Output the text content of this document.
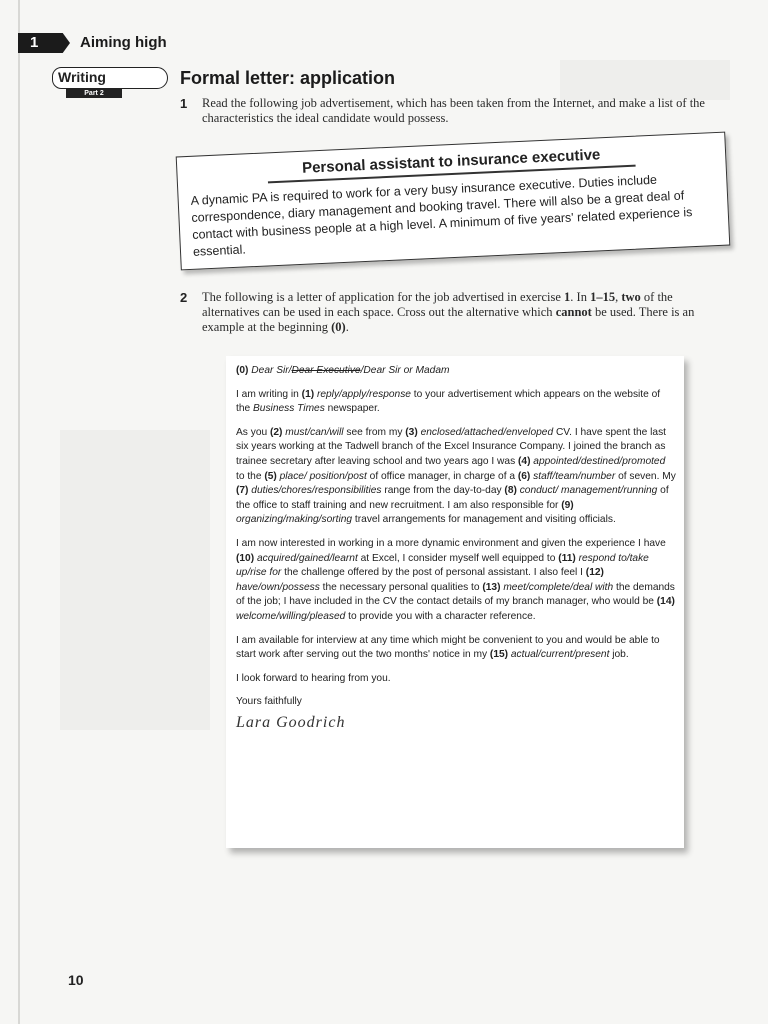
1	Aiming high
Writing
Part 2
Formal letter: application
1 Read the following job advertisement, which has been taken from the Internet, and make a list of the characteristics the ideal candidate would possess.
Personal assistant to insurance executive
A dynamic PA is required to work for a very busy insurance executive. Duties include correspondence, diary management and booking travel. There will also be a great deal of contact with business people at a high level. A minimum of five years' related experience is essential.
2 The following is a letter of application for the job advertised in exercise 1. In 1–15, two of the alternatives can be used in each space. Cross out the alternative which cannot be used. There is an example at the beginning (0).

(0) Dear Sir/Dear Executive/Dear Sir or Madam

I am writing in (1) reply/apply/response to your advertisement which appears on the website of the Business Times newspaper.

As you (2) must/can/will see from my (3) enclosed/attached/enveloped CV. I have spent the last six years working at the Tadwell branch of the Excel Insurance Company. I joined the branch as trainee secretary after leaving school and two years ago I was (4) appointed/destined/promoted to the (5) place/ position/post of office manager, in charge of a (6) staff/team/number of seven. My (7) duties/chores/responsibilities range from the day-to-day (8) conduct/ management/running of the office to staff training and new recruitment. I am also responsible for (9) organizing/making/sorting travel arrangements for management and visiting officials.

I am now interested in working in a more dynamic environment and given the experience I have (10) acquired/gained/learnt at Excel, I consider myself well equipped to (11) respond to/take up/rise for the challenge offered by the post of personal assistant. I also feel I (12) have/own/possess the necessary personal qualities to (13) meet/complete/deal with the demands of the job; I have included in the CV the contact details of my branch manager, who would be (14) welcome/willing/pleased to provide you with a character reference.

I am available for interview at any time which might be convenient to you and would be able to start work after serving out the two months' notice in my (15) actual/current/present job.

I look forward to hearing from you.

Yours faithfully

Lara Goodrich
10
